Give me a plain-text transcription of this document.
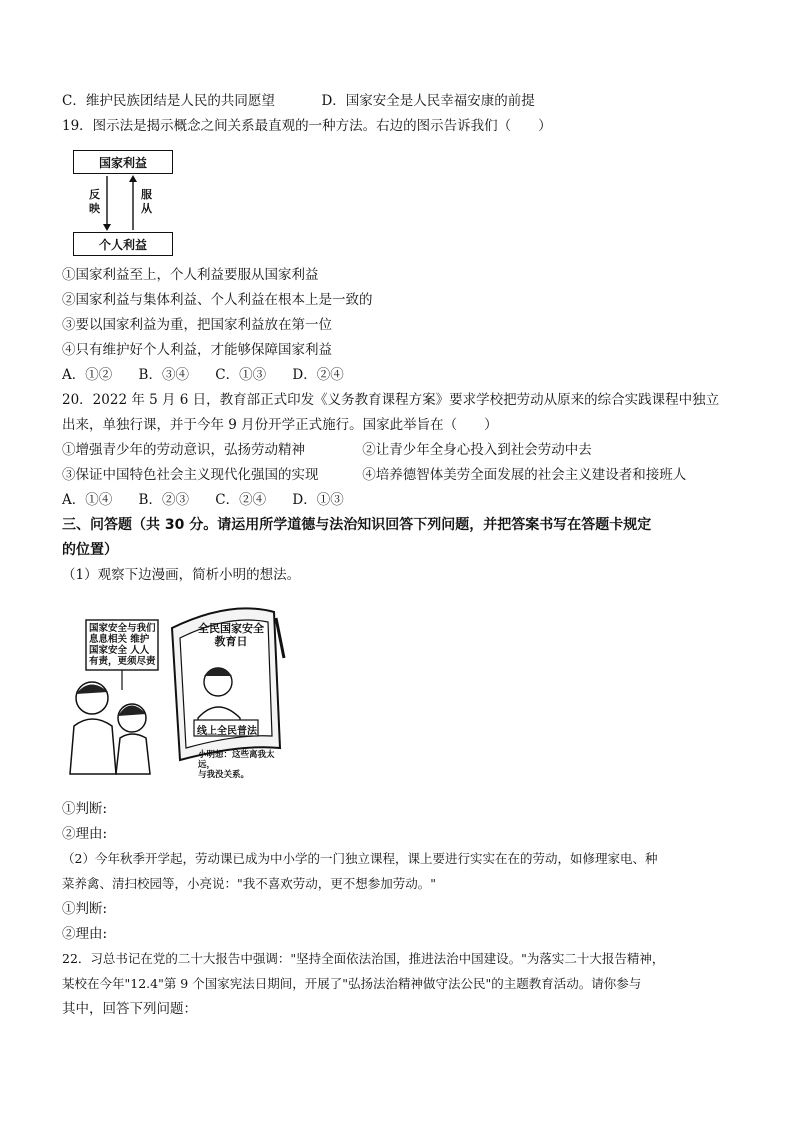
C．维护民族团结是人民的共同愿望	D．国家安全是人民幸福安康的前提
19．图示法是揭示概念之间关系最直观的一种方法。右边的图示告诉我们（　　）
国家利益
反映
服从
个人利益
①国家利益至上，个人利益要服从国家利益
②国家利益与集体利益、个人利益在根本上是一致的
③要以国家利益为重，把国家利益放在第一位
④只有维护好个人利益，才能够保障国家利益
A．①② B．③④ C．①③ D．②④
20．2022 年 5 月 6 日，教育部正式印发《义务教育课程方案》要求学校把劳动从原来的综合实践课程中独立
出来，单独行课，并于今年 9 月份开学正式施行。国家此举旨在（　　）
①增强青少年的劳动意识，弘扬劳动精神	②让青少年全身心投入到社会劳动中去
③保证中国特色社会主义现代化强国的实现	④培养德智体美劳全面发展的社会主义建设者和接班人
A．①④ B．②③ C．②④ D．①③
三、问答题（共 30 分。请运用所学道德与法治知识回答下列问题，并把答案书写在答题卡规定
的位置）
（1）观察下边漫画，简析小明的想法。
国家安全与我们
息息相关 维护
国家安全 人人
有责，更须尽责
全民国家安全
教育日
线上全民普法
小明想：这些离我太远，
与我没关系。
①判断:
②理由:
（2）今年秋季开学起，劳动课已成为中小学的一门独立课程，课上要进行实实在在的劳动，如修理家电、种
菜养禽、清扫校园等，小亮说："我不喜欢劳动，更不想参加劳动。"
①判断:
②理由:
22．习总书记在党的二十大报告中强调："坚持全面依法治国，推进法治中国建设。"为落实二十大报告精神，
某校在今年"12.4"第 9 个国家宪法日期间，开展了"弘扬法治精神做守法公民"的主题教育活动。请你参与
其中，回答下列问题：
